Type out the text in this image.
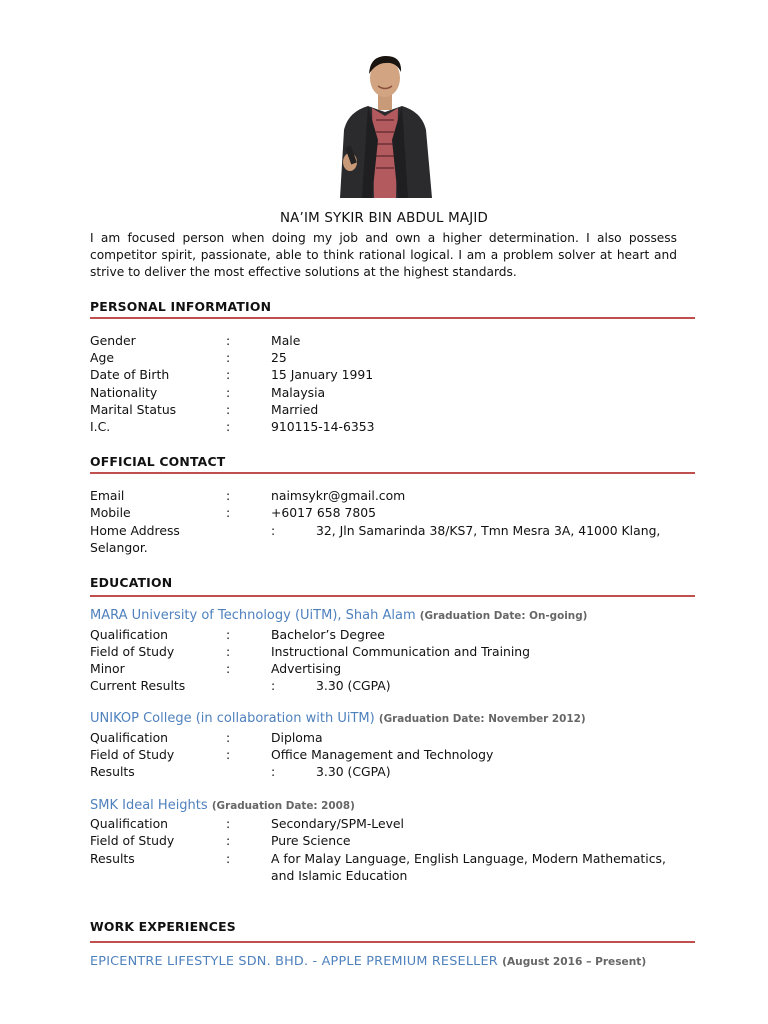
NA’IM SYKIR BIN ABDUL MAJID
I am focused person when doing my job and own a higher determination. I also possess competitor spirit, passionate, able to think rational logical. I am a problem solver at heart and strive to deliver the most effective solutions at the highest standards.
PERSONAL INFORMATION
Gender	:	Male
Age	:	25
Date of Birth	:	15 January 1991
Nationality	:	Malaysia
Marital Status	:	Married
I.C.	:	910115-14-6353
OFFICIAL CONTACT
Email	:	naimsykr@gmail.com
Mobile	:	+6017 658 7805
Home Address	:	32, Jln Samarinda 38/KS7, Tmn Mesra 3A, 41000 Klang,
Selangor.
EDUCATION
MARA University of Technology (UiTM), Shah Alam (Graduation Date: On-going)
Qualification	:	Bachelor’s Degree
Field of Study	:	Instructional Communication and Training
Minor	:	Advertising
Current Results	:	3.30 (CGPA)
UNIKOP College (in collaboration with UiTM) (Graduation Date: November 2012)
Qualification	:	Diploma
Field of Study	:	Office Management and Technology
Results	:	3.30 (CGPA)
SMK Ideal Heights (Graduation Date: 2008)
Qualification	:	Secondary/SPM-Level
Field of Study	:	Pure Science
Results	:	A for Malay Language, English Language, Modern Mathematics,
and Islamic Education
WORK EXPERIENCES
EPICENTRE LIFESTYLE SDN. BHD. - APPLE PREMIUM RESELLER (August 2016 – Present)
